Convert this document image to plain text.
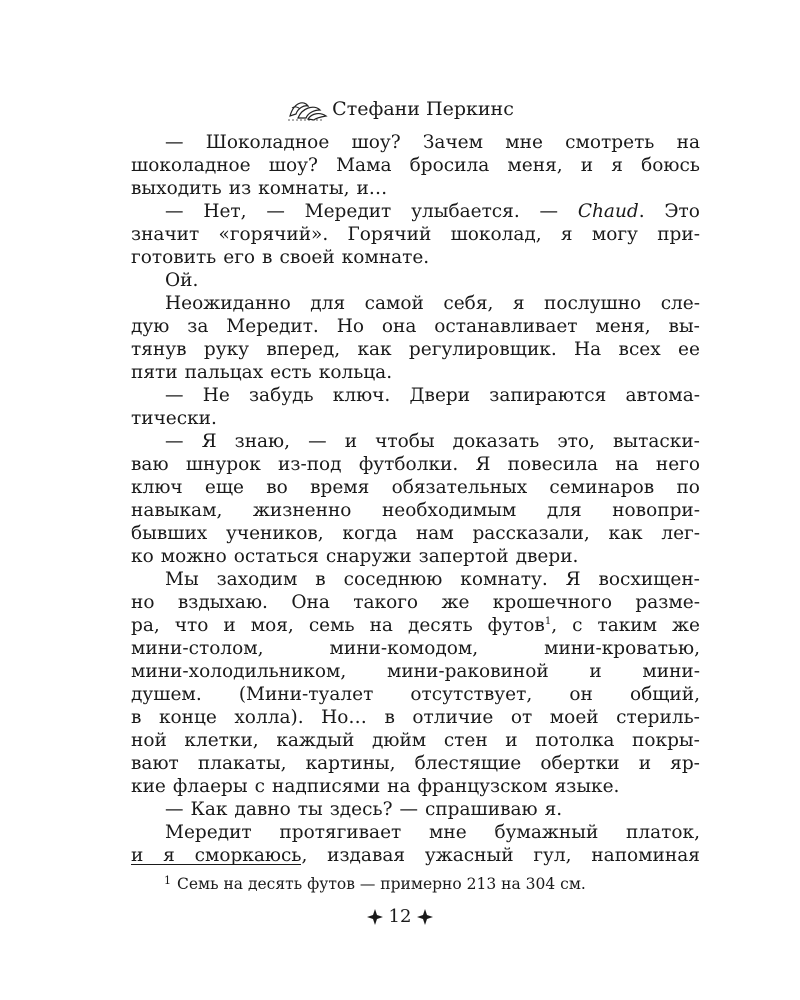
Стефани Перкинс
— Шоколадное шоу? Зачем мне смотреть на
шоколадное шоу? Мама бросила меня, и я боюсь
выходить из комнаты, и…
— Нет, — Мередит улыбается. — Chaud. Это
значит «горячий». Горячий шоколад, я могу при-
готовить его в своей комнате.
Ой.
Неожиданно для самой себя, я послушно сле-
дую за Мередит. Но она останавливает меня, вы-
тянув руку вперед, как регулировщик. На всех ее
пяти пальцах есть кольца.
— Не забудь ключ. Двери запираются автома-
тически.
— Я знаю, — и чтобы доказать это, вытаски-
ваю шнурок из-под футболки. Я повесила на него
ключ еще во время обязательных семинаров по
навыкам, жизненно необходимым для новопри-
бывших учеников, когда нам рассказали, как лег-
ко можно остаться снаружи запертой двери.
Мы заходим в соседнюю комнату. Я восхищен-
но вздыхаю. Она такого же крошечного разме-
ра, что и моя, семь на десять футов$^1$, с таким же
мини-столом,	мини-комодом,	мини-кроватью,
мини-холодильником, мини-раковиной и мини-
душем. (Мини-туалет отсутствует, он общий,
в конце холла). Но… в отличие от моей стериль-
ной клетки, каждый дюйм стен и потолка покры-
вают плакаты, картины, блестящие обертки и яр-
кие флаеры с надписями на французском языке.
— Как давно ты здесь? — спрашиваю я.
Мередит протягивает мне бумажный платок,
и я сморкаюсь, издавая ужасный гул, напоминая
$^1$ Семь на десять футов — примерно 213 на 304 см.
12
